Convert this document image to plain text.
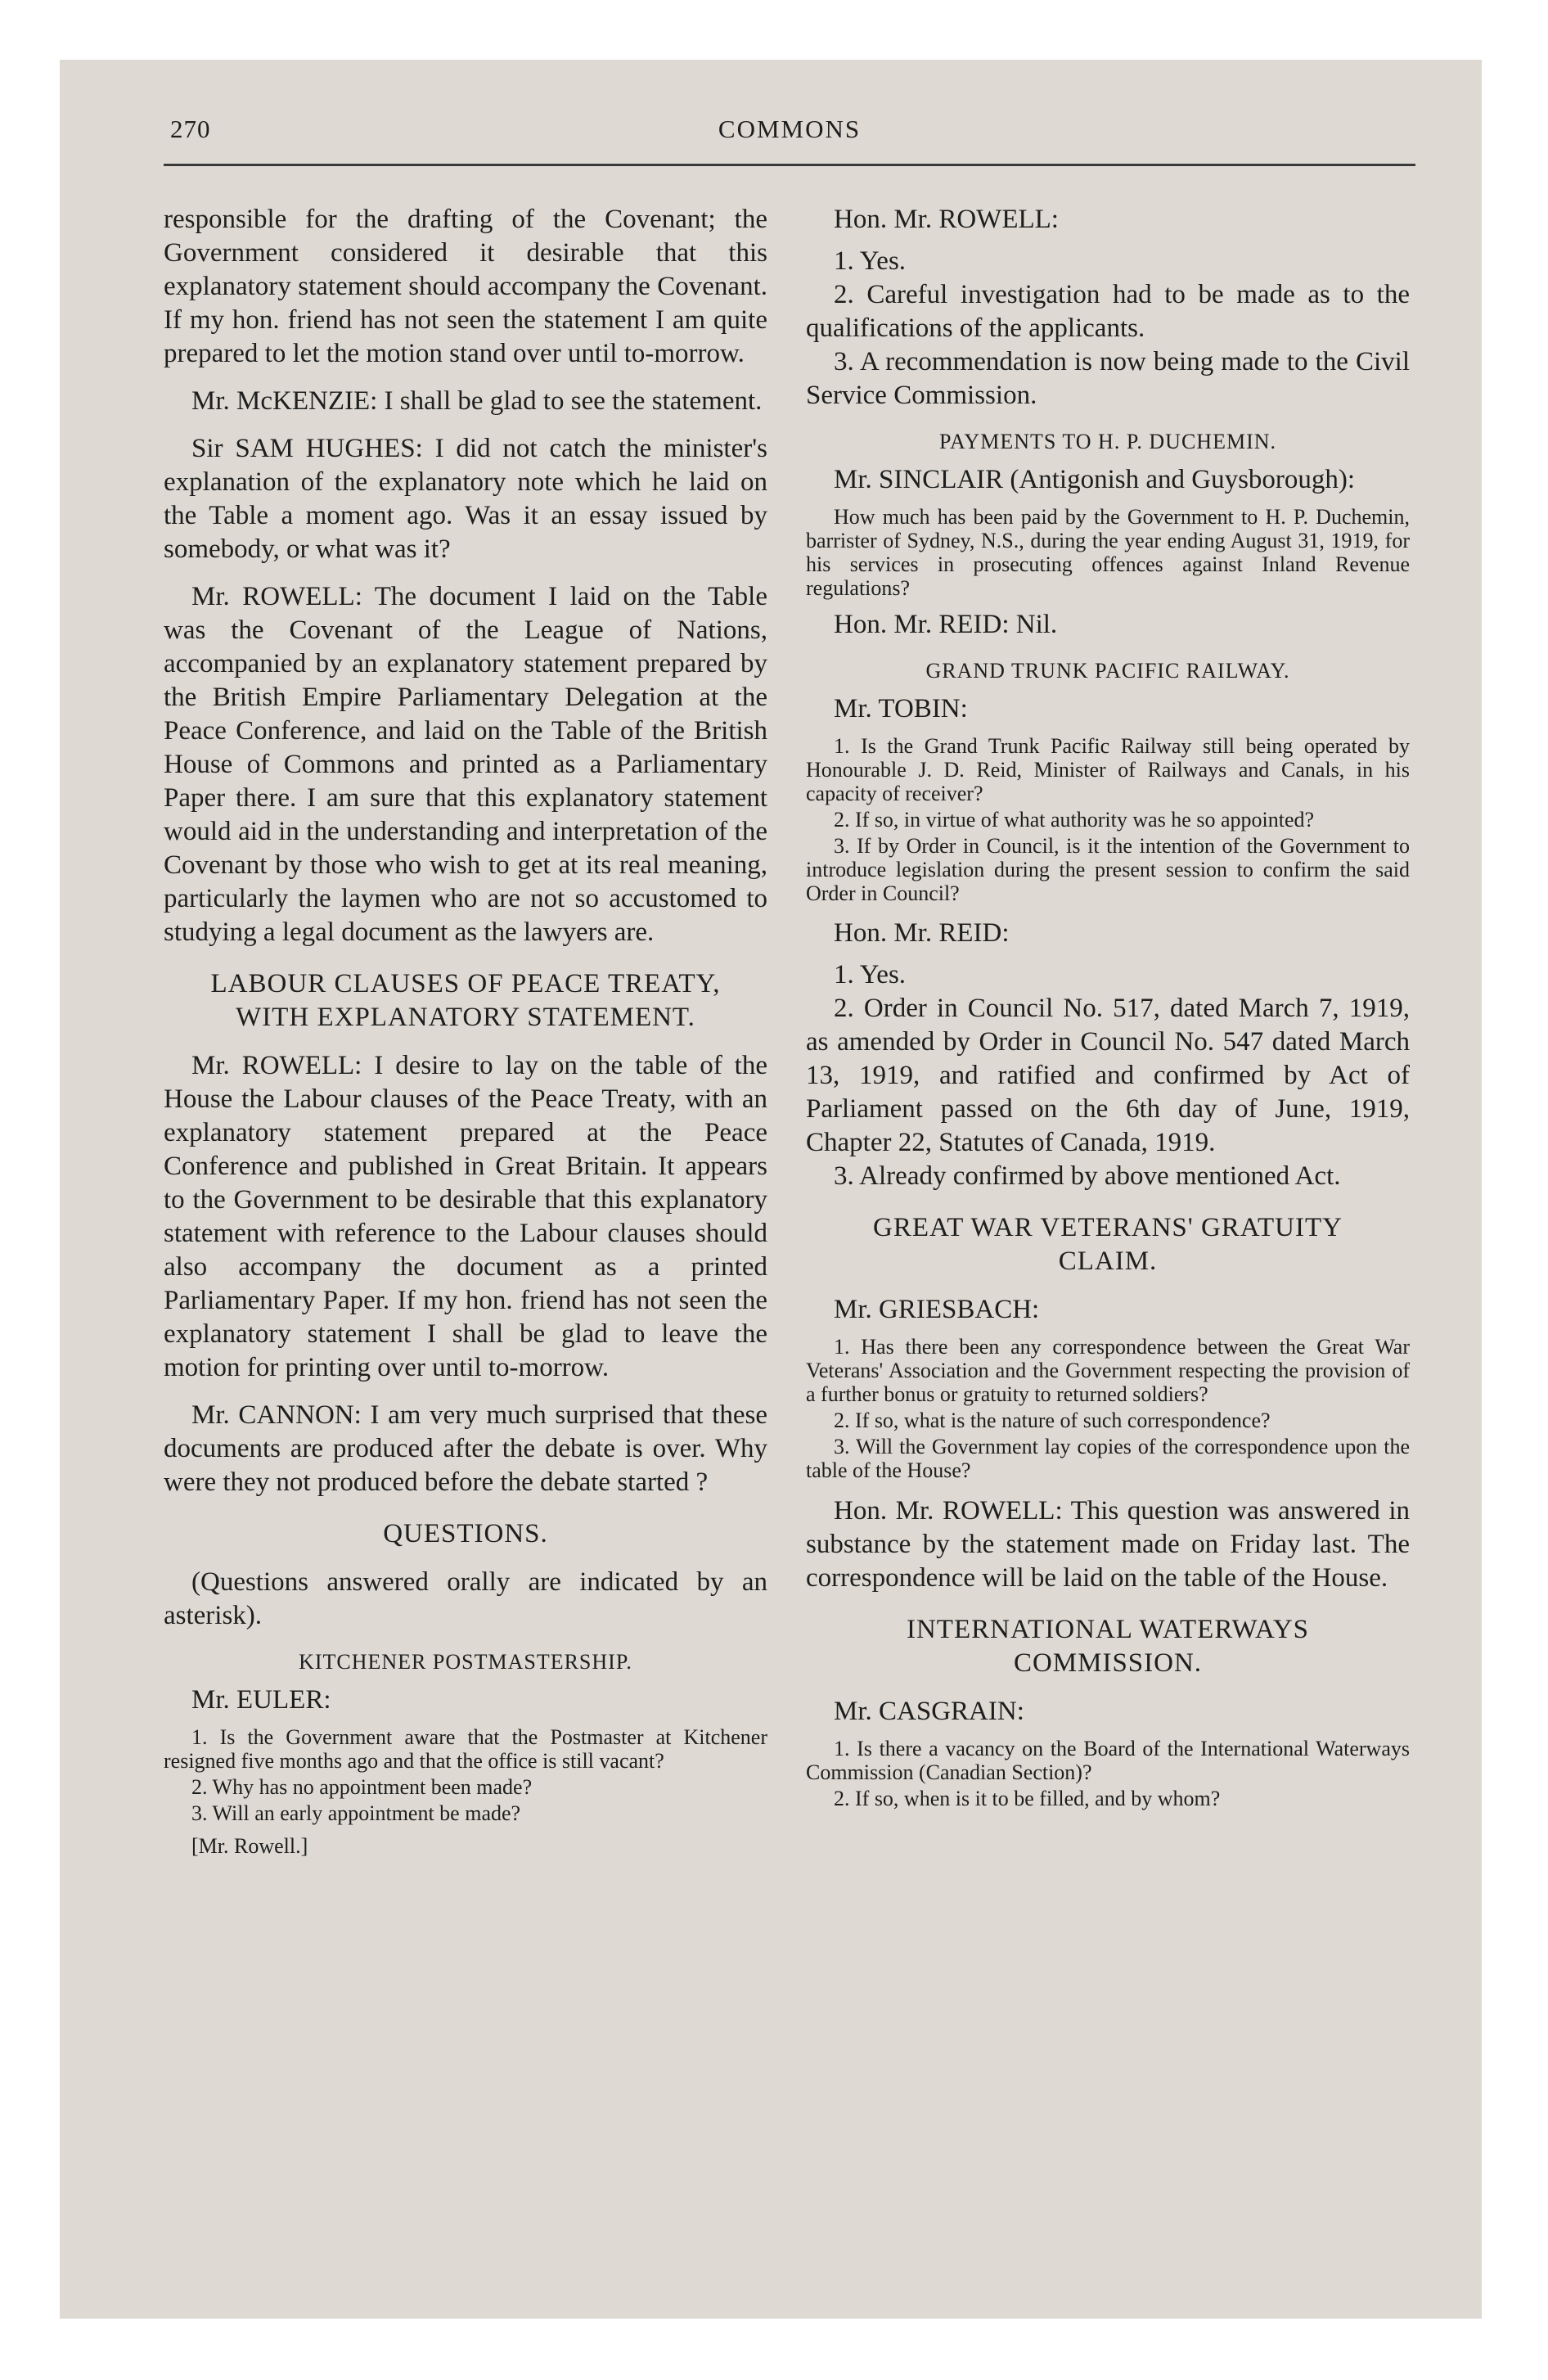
270	COMMONS

responsible for the drafting of the Covenant; the Government considered it desirable that this explanatory statement should accompany the Covenant. If my hon. friend has not seen the statement I am quite prepared to let the motion stand over until to-morrow.

Mr. McKENZIE: I shall be glad to see the statement.

Sir SAM HUGHES: I did not catch the minister's explanation of the explanatory note which he laid on the Table a moment ago. Was it an essay issued by somebody, or what was it?

Mr. ROWELL: The document I laid on the Table was the Covenant of the League of Nations, accompanied by an explanatory statement prepared by the British Empire Parliamentary Delegation at the Peace Conference, and laid on the Table of the British House of Commons and printed as a Parliamentary Paper there. I am sure that this explanatory statement would aid in the understanding and interpretation of the Covenant by those who wish to get at its real meaning, particularly the laymen who are not so accustomed to studying a legal document as the lawyers are.

LABOUR CLAUSES OF PEACE TREATY, WITH EXPLANATORY STATEMENT.

Mr. ROWELL: I desire to lay on the table of the House the Labour clauses of the Peace Treaty, with an explanatory statement prepared at the Peace Conference and published in Great Britain. It appears to the Government to be desirable that this explanatory statement with reference to the Labour clauses should also accompany the document as a printed Parliamentary Paper. If my hon. friend has not seen the explanatory statement I shall be glad to leave the motion for printing over until to-morrow.

Mr. CANNON: I am very much surprised that these documents are produced after the debate is over. Why were they not produced before the debate started ?

QUESTIONS.

(Questions answered orally are indicated by an asterisk).

KITCHENER POSTMASTERSHIP.
Mr. EULER:

1. Is the Government aware that the Postmaster at Kitchener resigned five months ago and that the office is still vacant?

2. Why has no appointment been made?

3. Will an early appointment be made?

[Mr. Rowell.]
Hon. Mr. ROWELL:

1. Yes.

2. Careful investigation had to be made as to the qualifications of the applicants.

3. A recommendation is now being made to the Civil Service Commission.

PAYMENTS TO H. P. DUCHEMIN.
Mr. SINCLAIR (Antigonish and Guysborough):

How much has been paid by the Government to H. P. Duchemin, barrister of Sydney, N.S., during the year ending August 31, 1919, for his services in prosecuting offences against Inland Revenue regulations?

Hon. Mr. REID: Nil.
GRAND TRUNK PACIFIC RAILWAY.
Mr. TOBIN:

1. Is the Grand Trunk Pacific Railway still being operated by Honourable J. D. Reid, Minister of Railways and Canals, in his capacity of receiver?

2. If so, in virtue of what authority was he so appointed?

3. If by Order in Council, is it the intention of the Government to introduce legislation during the present session to confirm the said Order in Council?

Hon. Mr. REID:

1. Yes.

2. Order in Council No. 517, dated March 7, 1919, as amended by Order in Council No. 547 dated March 13, 1919, and ratified and confirmed by Act of Parliament passed on the 6th day of June, 1919, Chapter 22, Statutes of Canada, 1919.

3. Already confirmed by above mentioned Act.

GREAT WAR VETERANS' GRATUITY CLAIM.
Mr. GRIESBACH:

1. Has there been any correspondence between the Great War Veterans' Association and the Government respecting the provision of a further bonus or gratuity to returned soldiers?

2. If so, what is the nature of such correspondence?

3. Will the Government lay copies of the correspondence upon the table of the House?

Hon. Mr. ROWELL: This question was answered in substance by the statement made on Friday last. The correspondence will be laid on the table of the House.

INTERNATIONAL WATERWAYS COMMISSION.
Mr. CASGRAIN:

1. Is there a vacancy on the Board of the International Waterways Commission (Canadian Section)?

2. If so, when is it to be filled, and by whom?
